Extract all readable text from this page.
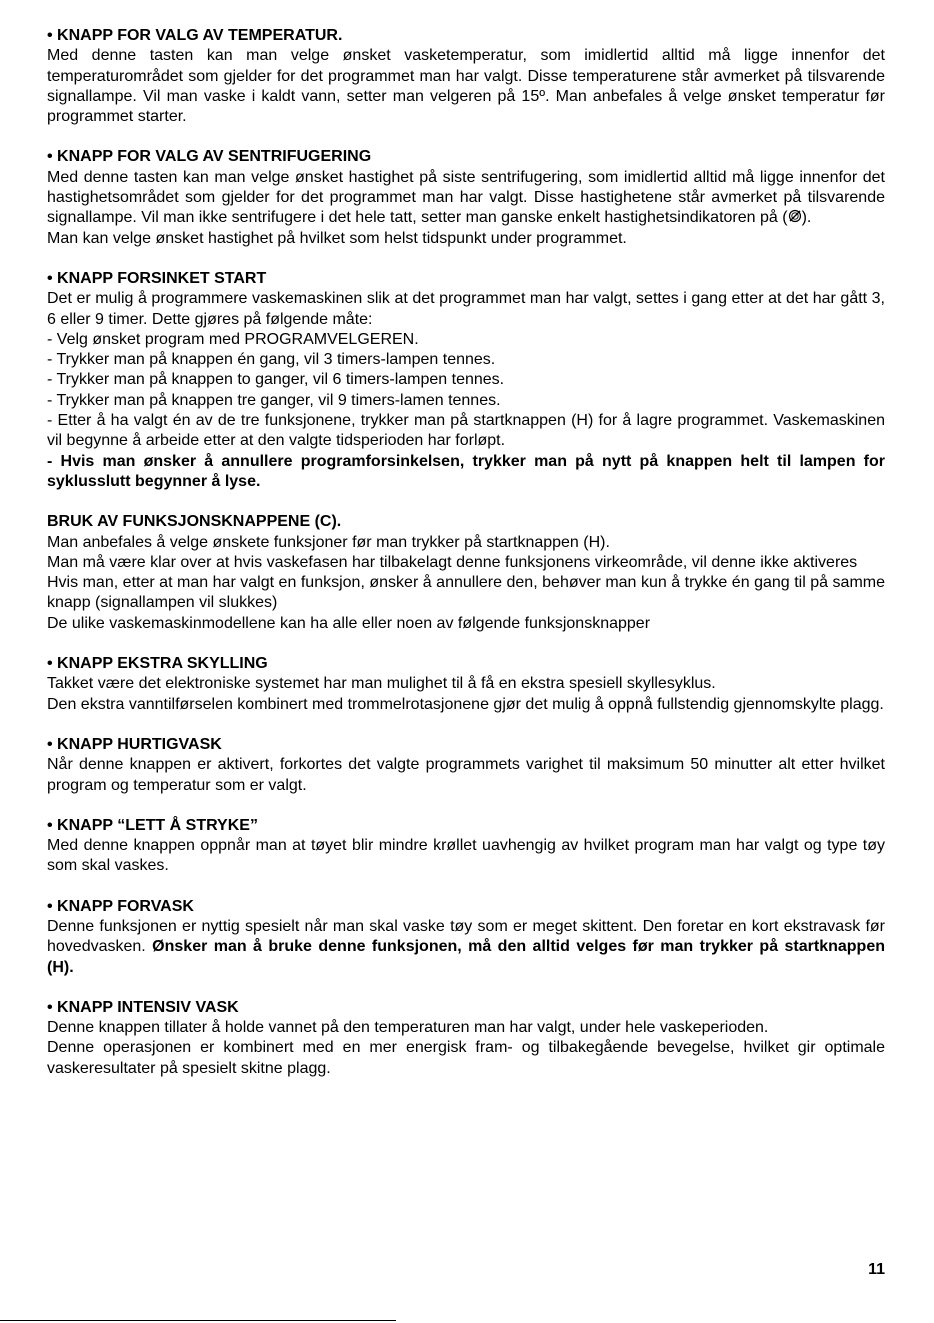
• KNAPP FOR VALG AV TEMPERATUR.
Med denne tasten kan man velge ønsket vasketemperatur, som imidlertid alltid må ligge innenfor det temperaturområdet som gjelder for det programmet man har valgt. Disse temperaturene står avmerket på tilsvarende signallampe. Vil man vaske i kaldt vann, setter man velgeren på 15º. Man anbefales å velge ønsket temperatur før programmet starter.
• KNAPP FOR VALG AV SENTRIFUGERING
Med denne tasten kan man velge ønsket hastighet på siste sentrifugering, som imidlertid alltid må ligge innenfor det hastighetsområdet som gjelder for det programmet man har valgt. Disse hastighetene står avmerket på tilsvarende signallampe. Vil man ikke sentrifugere i det hele tatt, setter man ganske enkelt hastighetsindikatoren på ( ).
Man kan velge ønsket hastighet på hvilket som helst tidspunkt under programmet.
• KNAPP FORSINKET START
Det er mulig å programmere vaskemaskinen slik at det programmet man har valgt, settes i gang etter at det har gått 3, 6 eller 9 timer. Dette gjøres på følgende måte:
- Velg ønsket program med PROGRAMVELGEREN.
- Trykker man på knappen én gang, vil 3 timers-lampen tennes.
- Trykker man på knappen to ganger, vil 6 timers-lampen tennes.
- Trykker man på knappen tre ganger, vil 9 timers-lamen tennes.
- Etter å ha valgt én av de tre funksjonene, trykker man på startknappen (H) for å lagre programmet. Vaskemaskinen vil begynne å arbeide etter at den valgte tidsperioden har forløpt.
- Hvis man ønsker å annullere programforsinkelsen, trykker man på nytt på knappen helt til lampen for syklusslutt begynner å lyse.
BRUK AV FUNKSJONSKNAPPENE (C).
Man anbefales å velge ønskete funksjoner før man trykker på startknappen (H).
Man må være klar over at hvis vaskefasen har tilbakelagt denne funksjonens virkeområde, vil denne ikke aktiveres
Hvis man, etter at man har valgt en funksjon, ønsker å annullere den, behøver man kun å trykke én gang til på samme knapp (signallampen vil slukkes)
De ulike vaskemaskinmodellene kan ha alle eller noen av følgende funksjonsknapper
• KNAPP EKSTRA SKYLLING
Takket være det elektroniske systemet har man mulighet til å få en ekstra spesiell skyllesyklus.
Den ekstra vanntilførselen kombinert med trommelrotasjonene gjør det mulig å oppnå fullstendig gjennomskylte plagg.
• KNAPP HURTIGVASK
Når denne knappen er aktivert, forkortes det valgte programmets varighet til maksimum 50 minutter alt etter hvilket program og temperatur som er valgt.
• KNAPP “LETT Å STRYKE”
Med denne knappen oppnår man at tøyet blir mindre krøllet uavhengig av hvilket program man har valgt og type tøy som skal vaskes.
• KNAPP FORVASK
Denne funksjonen er nyttig spesielt når man skal vaske tøy som er meget skittent. Den foretar en kort ekstravask før hovedvasken. Ønsker man å bruke denne funksjonen, må den alltid velges før man trykker på startknappen (H).
• KNAPP INTENSIV VASK
Denne knappen tillater å holde vannet på den temperaturen man har valgt, under hele vaskeperioden.
Denne operasjonen er kombinert med en mer energisk fram- og tilbakegående bevegelse, hvilket gir optimale vaskeresultater på spesielt skitne plagg.
11
